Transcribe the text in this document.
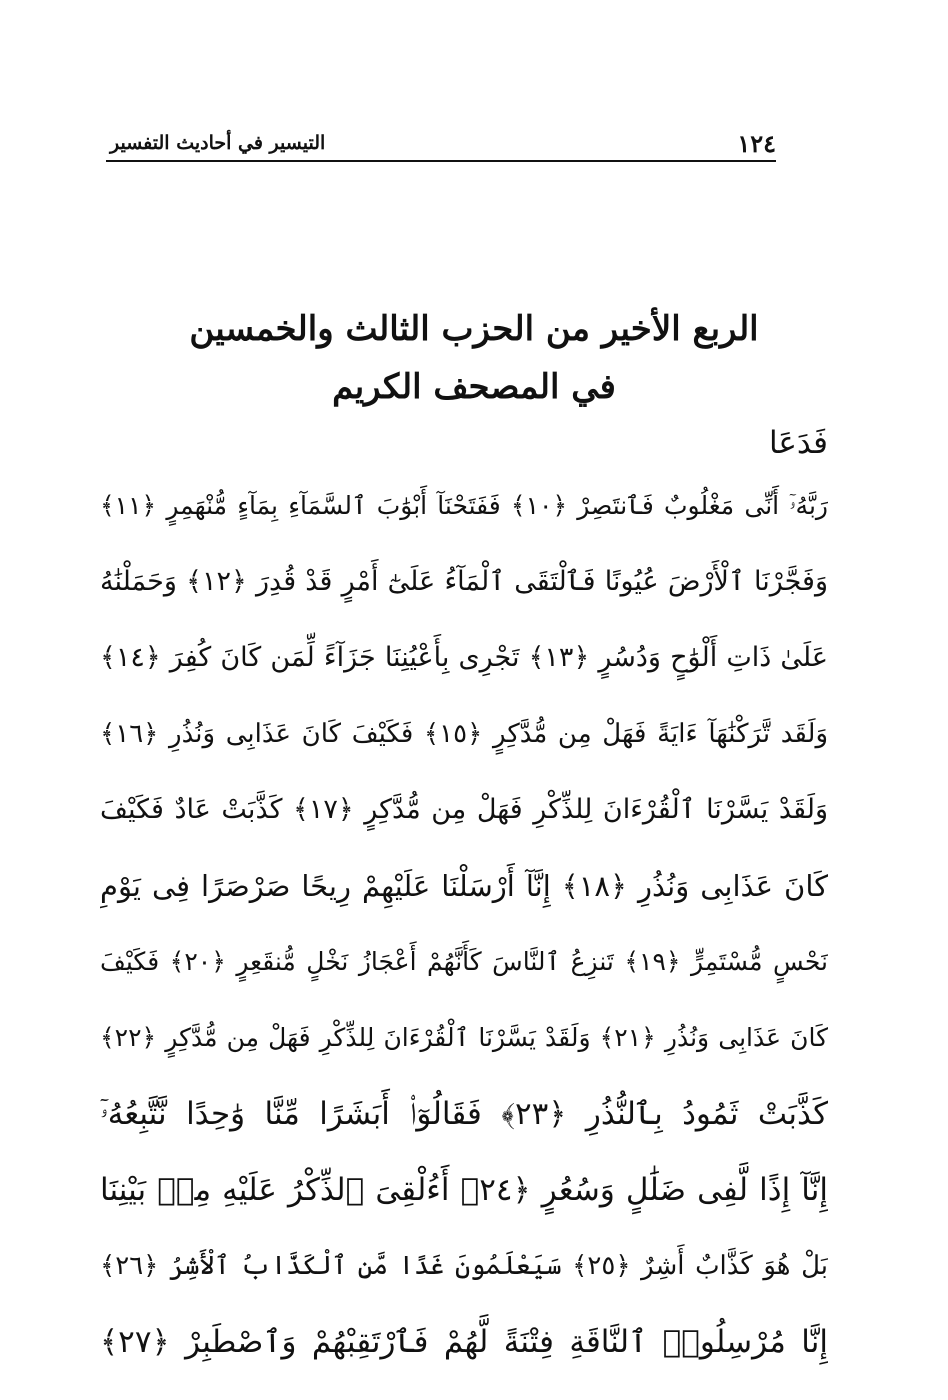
١٢٤
التيسير في أحاديث التفسير
الربع الأخير من الحزب الثالث والخمسين
في المصحف الكريم
فَدَعَا
رَبَّهُۥٓ أَنِّى مَغْلُوبٌ فَٱنتَصِرْ ﴿١٠﴾ فَفَتَحْنَآ أَبْوَٰبَ ٱلسَّمَآءِ بِمَآءٍ مُّنْهَمِرٍ ﴿١١﴾
وَفَجَّرْنَا ٱلْأَرْضَ عُيُونًا فَٱلْتَقَى ٱلْمَآءُ عَلَىٰٓ أَمْرٍ قَدْ قُدِرَ ﴿١٢﴾ وَحَمَلْنَٰهُ
عَلَىٰ ذَاتِ أَلْوَٰحٍ وَدُسُرٍ ﴿١٣﴾ تَجْرِى بِأَعْيُنِنَا جَزَآءً لِّمَن كَانَ كُفِرَ ﴿١٤﴾
وَلَقَد تَّرَكْنَٰهَآ ءَايَةً فَهَلْ مِن مُّدَّكِرٍ ﴿١٥﴾ فَكَيْفَ كَانَ عَذَابِى وَنُذُرِ ﴿١٦﴾
وَلَقَدْ يَسَّرْنَا ٱلْقُرْءَانَ لِلذِّكْرِ فَهَلْ مِن مُّدَّكِرٍ ﴿١٧﴾ كَذَّبَتْ عَادٌ فَكَيْفَ
كَانَ عَذَابِى وَنُذُرِ ﴿١٨﴾ إِنَّآ أَرْسَلْنَا عَلَيْهِمْ رِيحًا صَرْصَرًا فِى يَوْمِ
نَحْسٍ مُّسْتَمِرٍّ ﴿١٩﴾ تَنزِعُ ٱلنَّاسَ كَأَنَّهُمْ أَعْجَازُ نَخْلٍ مُّنقَعِرٍ ﴿٢٠﴾ فَكَيْفَ
كَانَ عَذَابِى وَنُذُرِ ﴿٢١﴾ وَلَقَدْ يَسَّرْنَا ٱلْقُرْءَانَ لِلذِّكْرِ فَهَلْ مِن مُّدَّكِرٍ ﴿٢٢﴾
كَذَّبَتْ ثَمُودُ بِٱلنُّذُرِ ﴿٢٣﴾ فَقَالُوٓا۟ أَبَشَرًا مِّنَّا وَٰحِدًا نَّتَّبِعُهُۥٓ
إِنَّآ إِذًا لَّفِى ضَلَٰلٍ وَسُعُرٍ ﴿٢٤﴾ أَءُلْقِىَ ٱلذِّكْرُ عَلَيْهِ مِنۢ بَيْنِنَا
بَلْ هُوَ كَذَّابٌ أَشِرٌ ﴿٢٥﴾ سَيَعْلَمُونَ غَدًا مَّنِ ٱلْكَذَّابُ ٱلْأَشِرُ ﴿٢٦﴾
إِنَّا مُرْسِلُوا۟ ٱلنَّاقَةِ فِتْنَةً لَّهُمْ فَٱرْتَقِبْهُمْ وَٱصْطَبِرْ ﴿٢٧﴾
